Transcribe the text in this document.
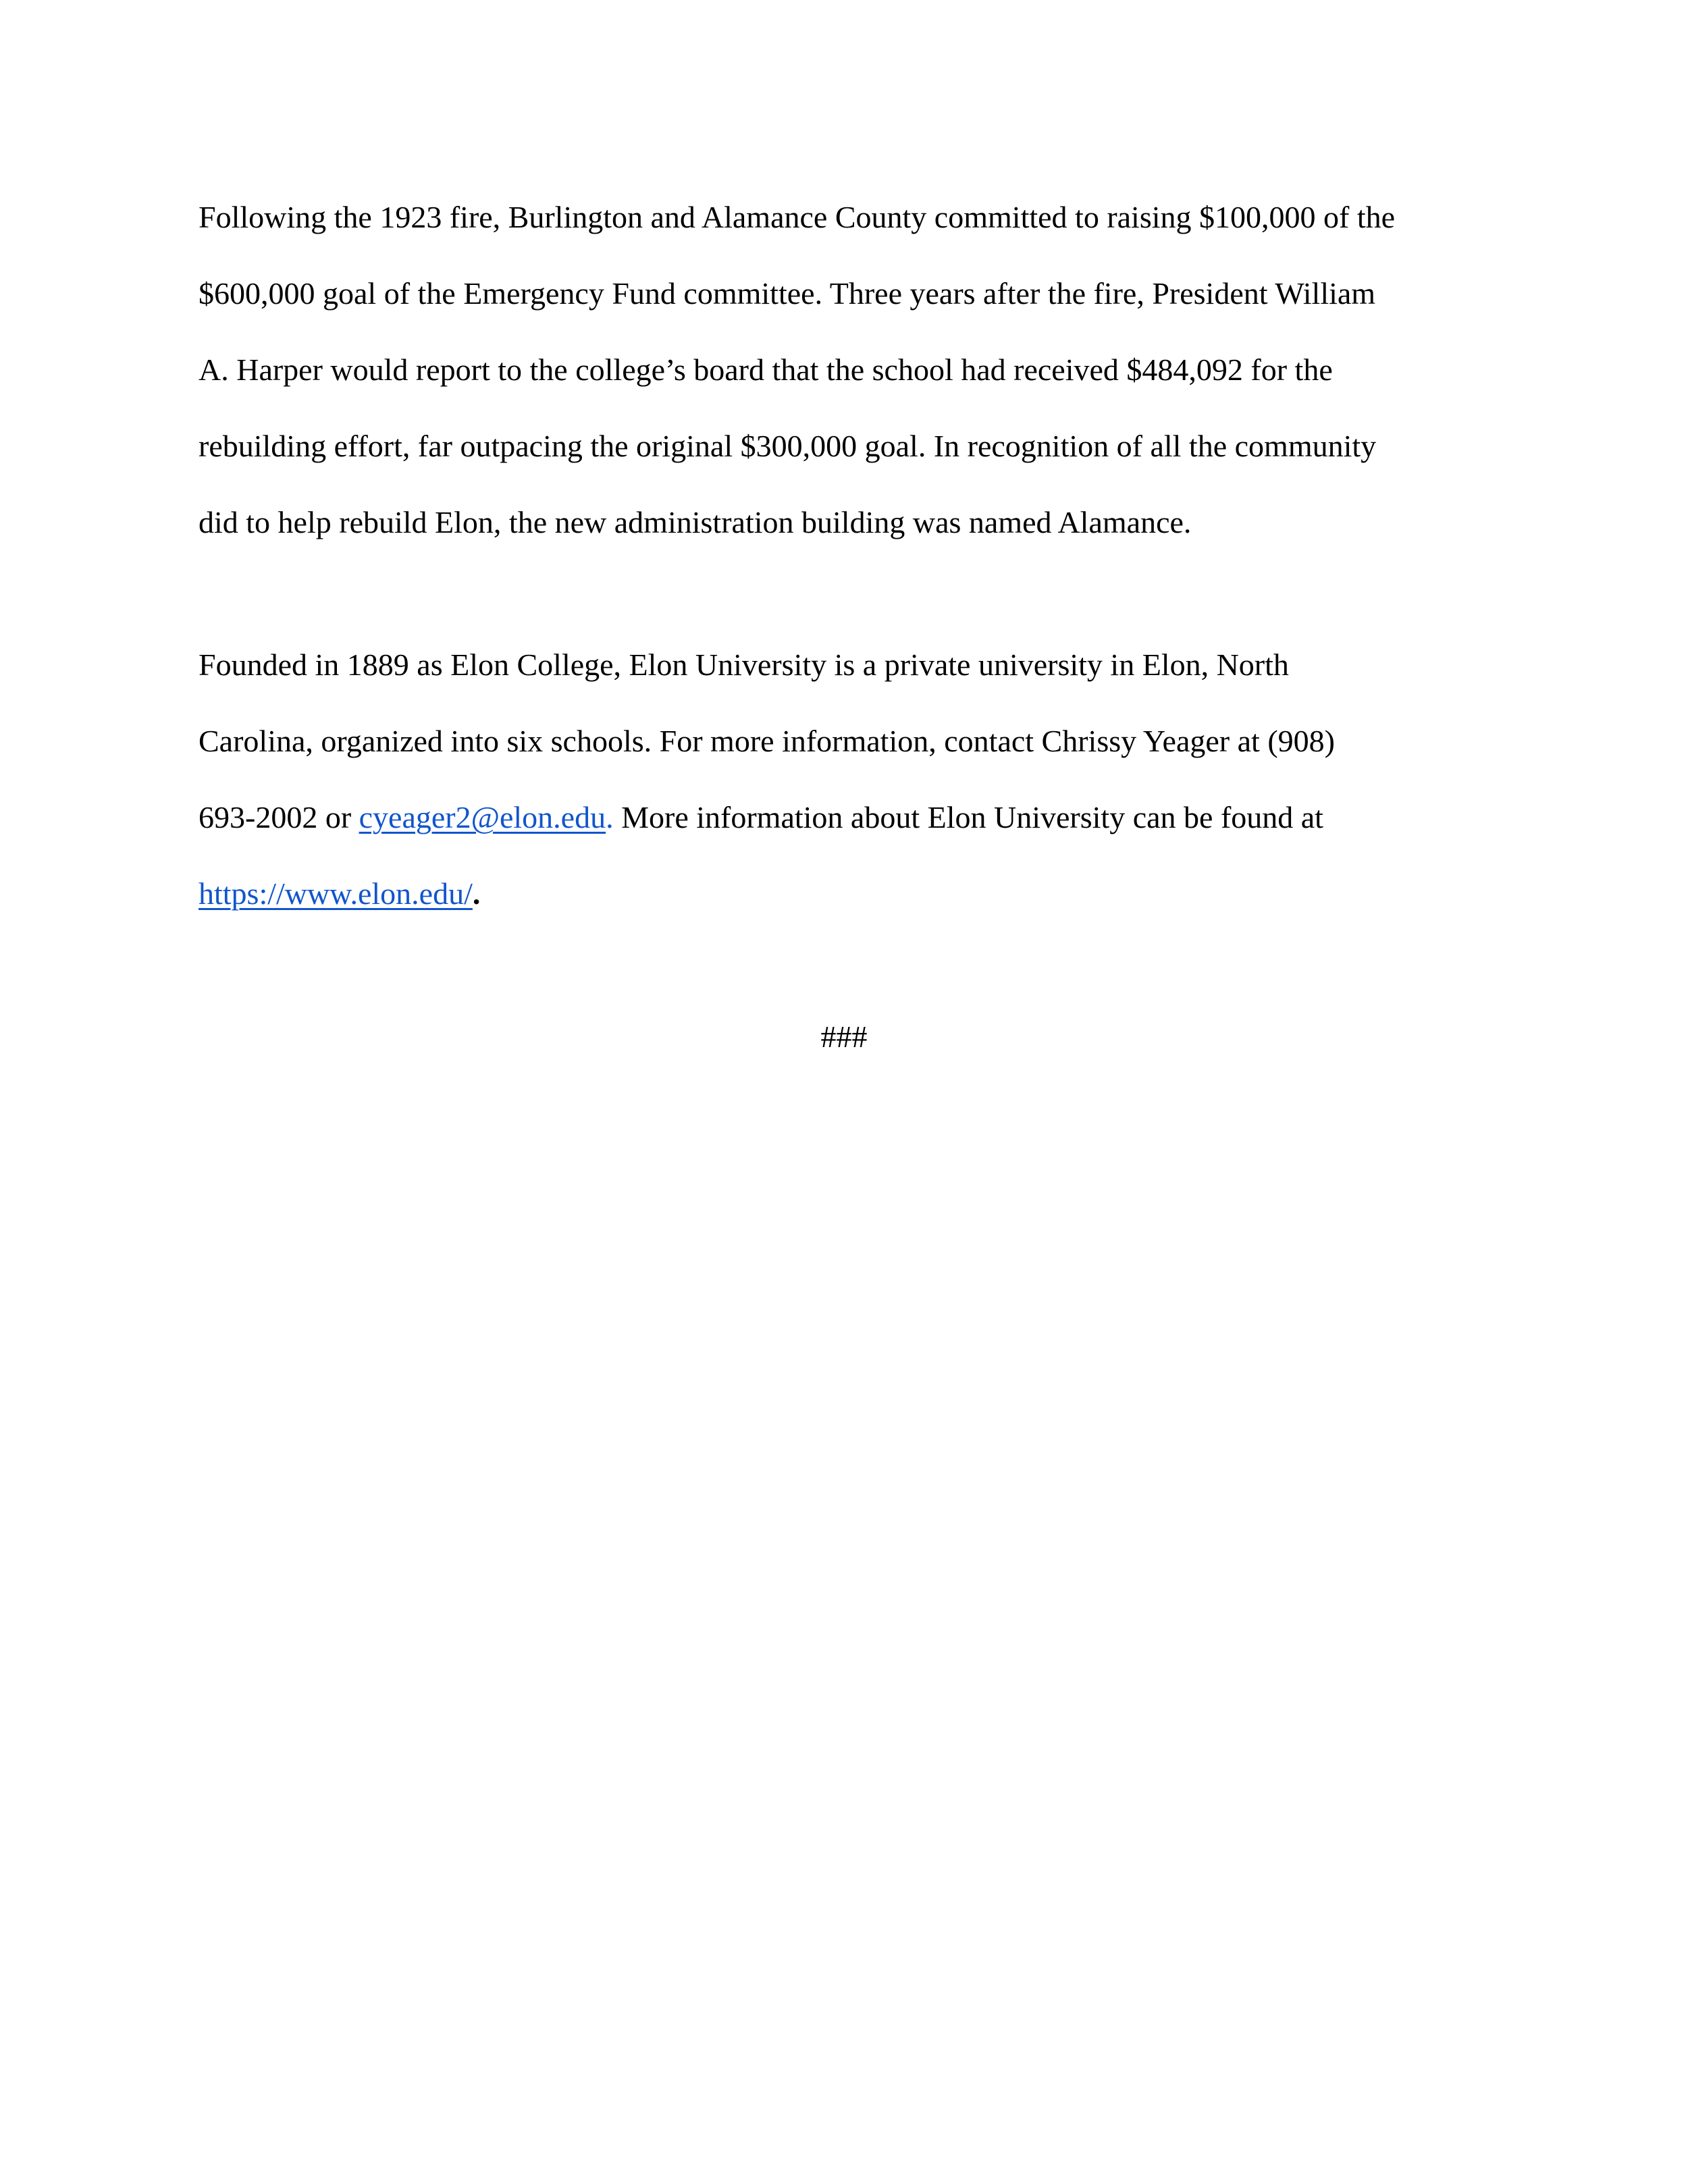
Following the 1923 fire, Burlington and Alamance County committed to raising $100,000 of the
$600,000 goal of the Emergency Fund committee. Three years after the fire, President William
A. Harper would report to the college’s board that the school had received $484,092 for the
rebuilding effort, far outpacing the original $300,000 goal. In recognition of all the community
did to help rebuild Elon, the new administration building was named Alamance.
Founded in 1889 as Elon College, Elon University is a private university in Elon, North
Carolina, organized into six schools. For more information, contact Chrissy Yeager at (908)
693-2002 or cyeager2@elon.edu. More information about Elon University can be found at
https://www.elon.edu/.
###
